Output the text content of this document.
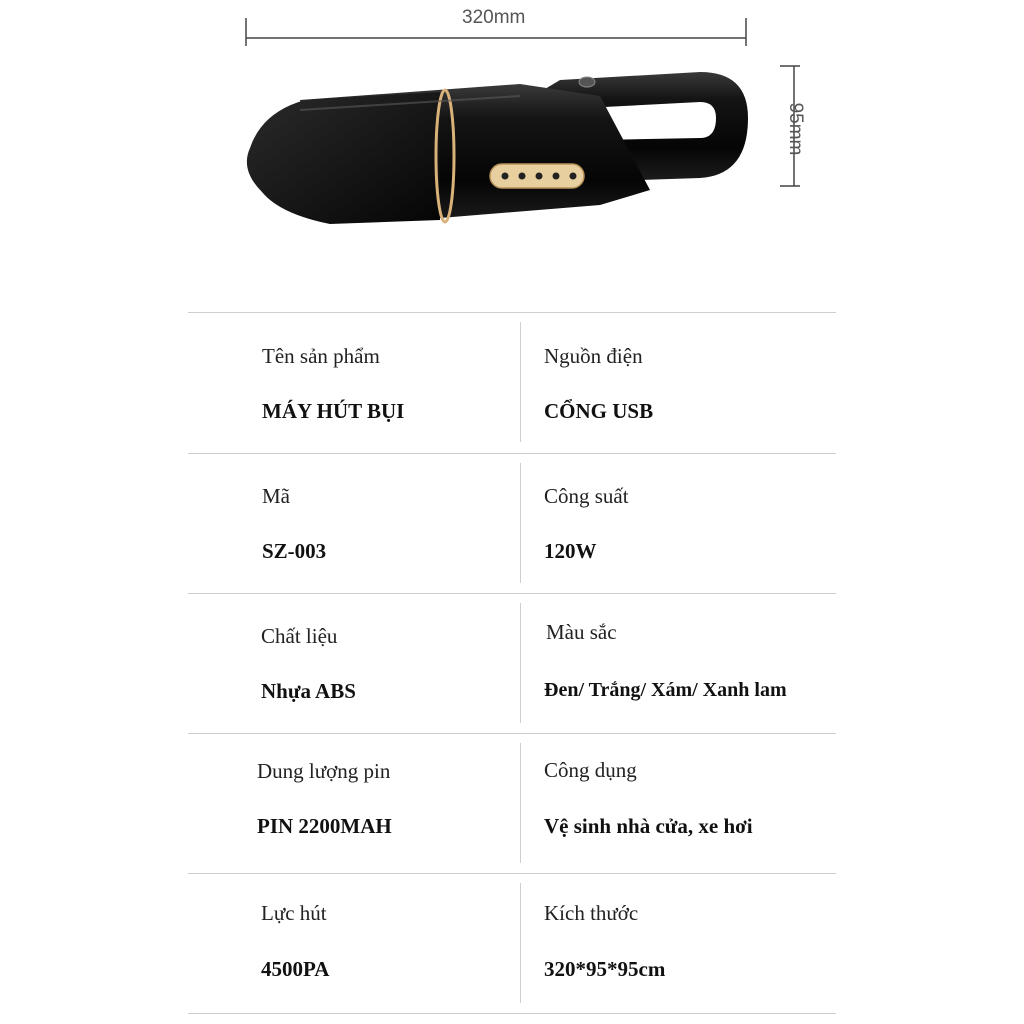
320mm
95mm
Tên sản phẩm
MÁY HÚT BỤI
Nguồn điện
CỔNG USB
Mã
SZ-003
Công suất
120W
Chất liệu
Nhựa ABS
Màu sắc
Đen/ Trắng/ Xám/ Xanh lam
Dung lượng pin
PIN 2200MAH
Công dụng
Vệ sinh nhà cửa, xe hơi
Lực hút
4500PA
Kích thước
320*95*95cm
